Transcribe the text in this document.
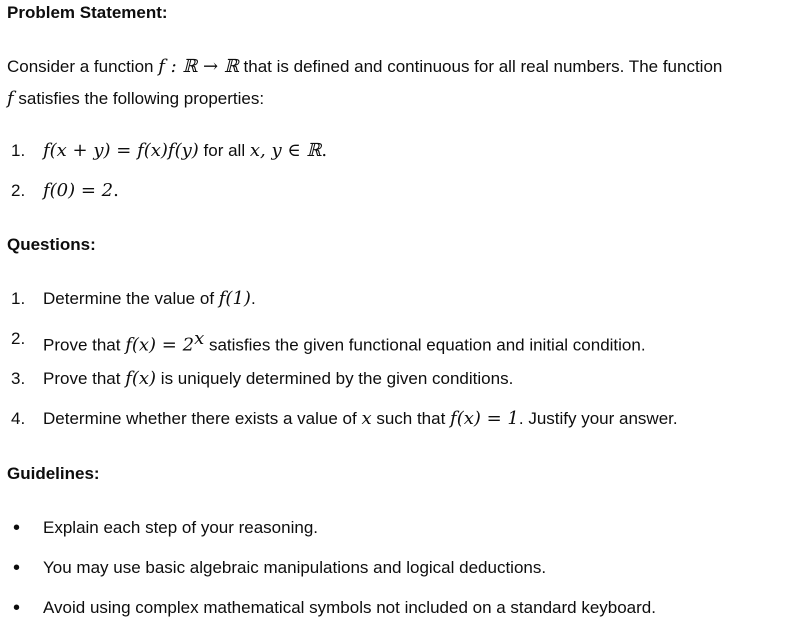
Problem Statement:

Consider a function f : ℝ → ℝ that is defined and continuous for all real numbers. The function

f satisfies the following properties:

1. f(x + y) = f(x)f(y) for all x, y ∈ ℝ.
2. f(0) = 2.
Questions:
1. Determine the value of f(1).
2. Prove that $f(x) = 2^x$ satisfies the given functional equation and initial condition.
3. Prove that f(x) is uniquely determined by the given conditions.
4. Determine whether there exists a value of x such that f(x) = 1. Justify your answer.
Guidelines:
• Explain each step of your reasoning.
• You may use basic algebraic manipulations and logical deductions.
• Avoid using complex mathematical symbols not included on a standard keyboard.
